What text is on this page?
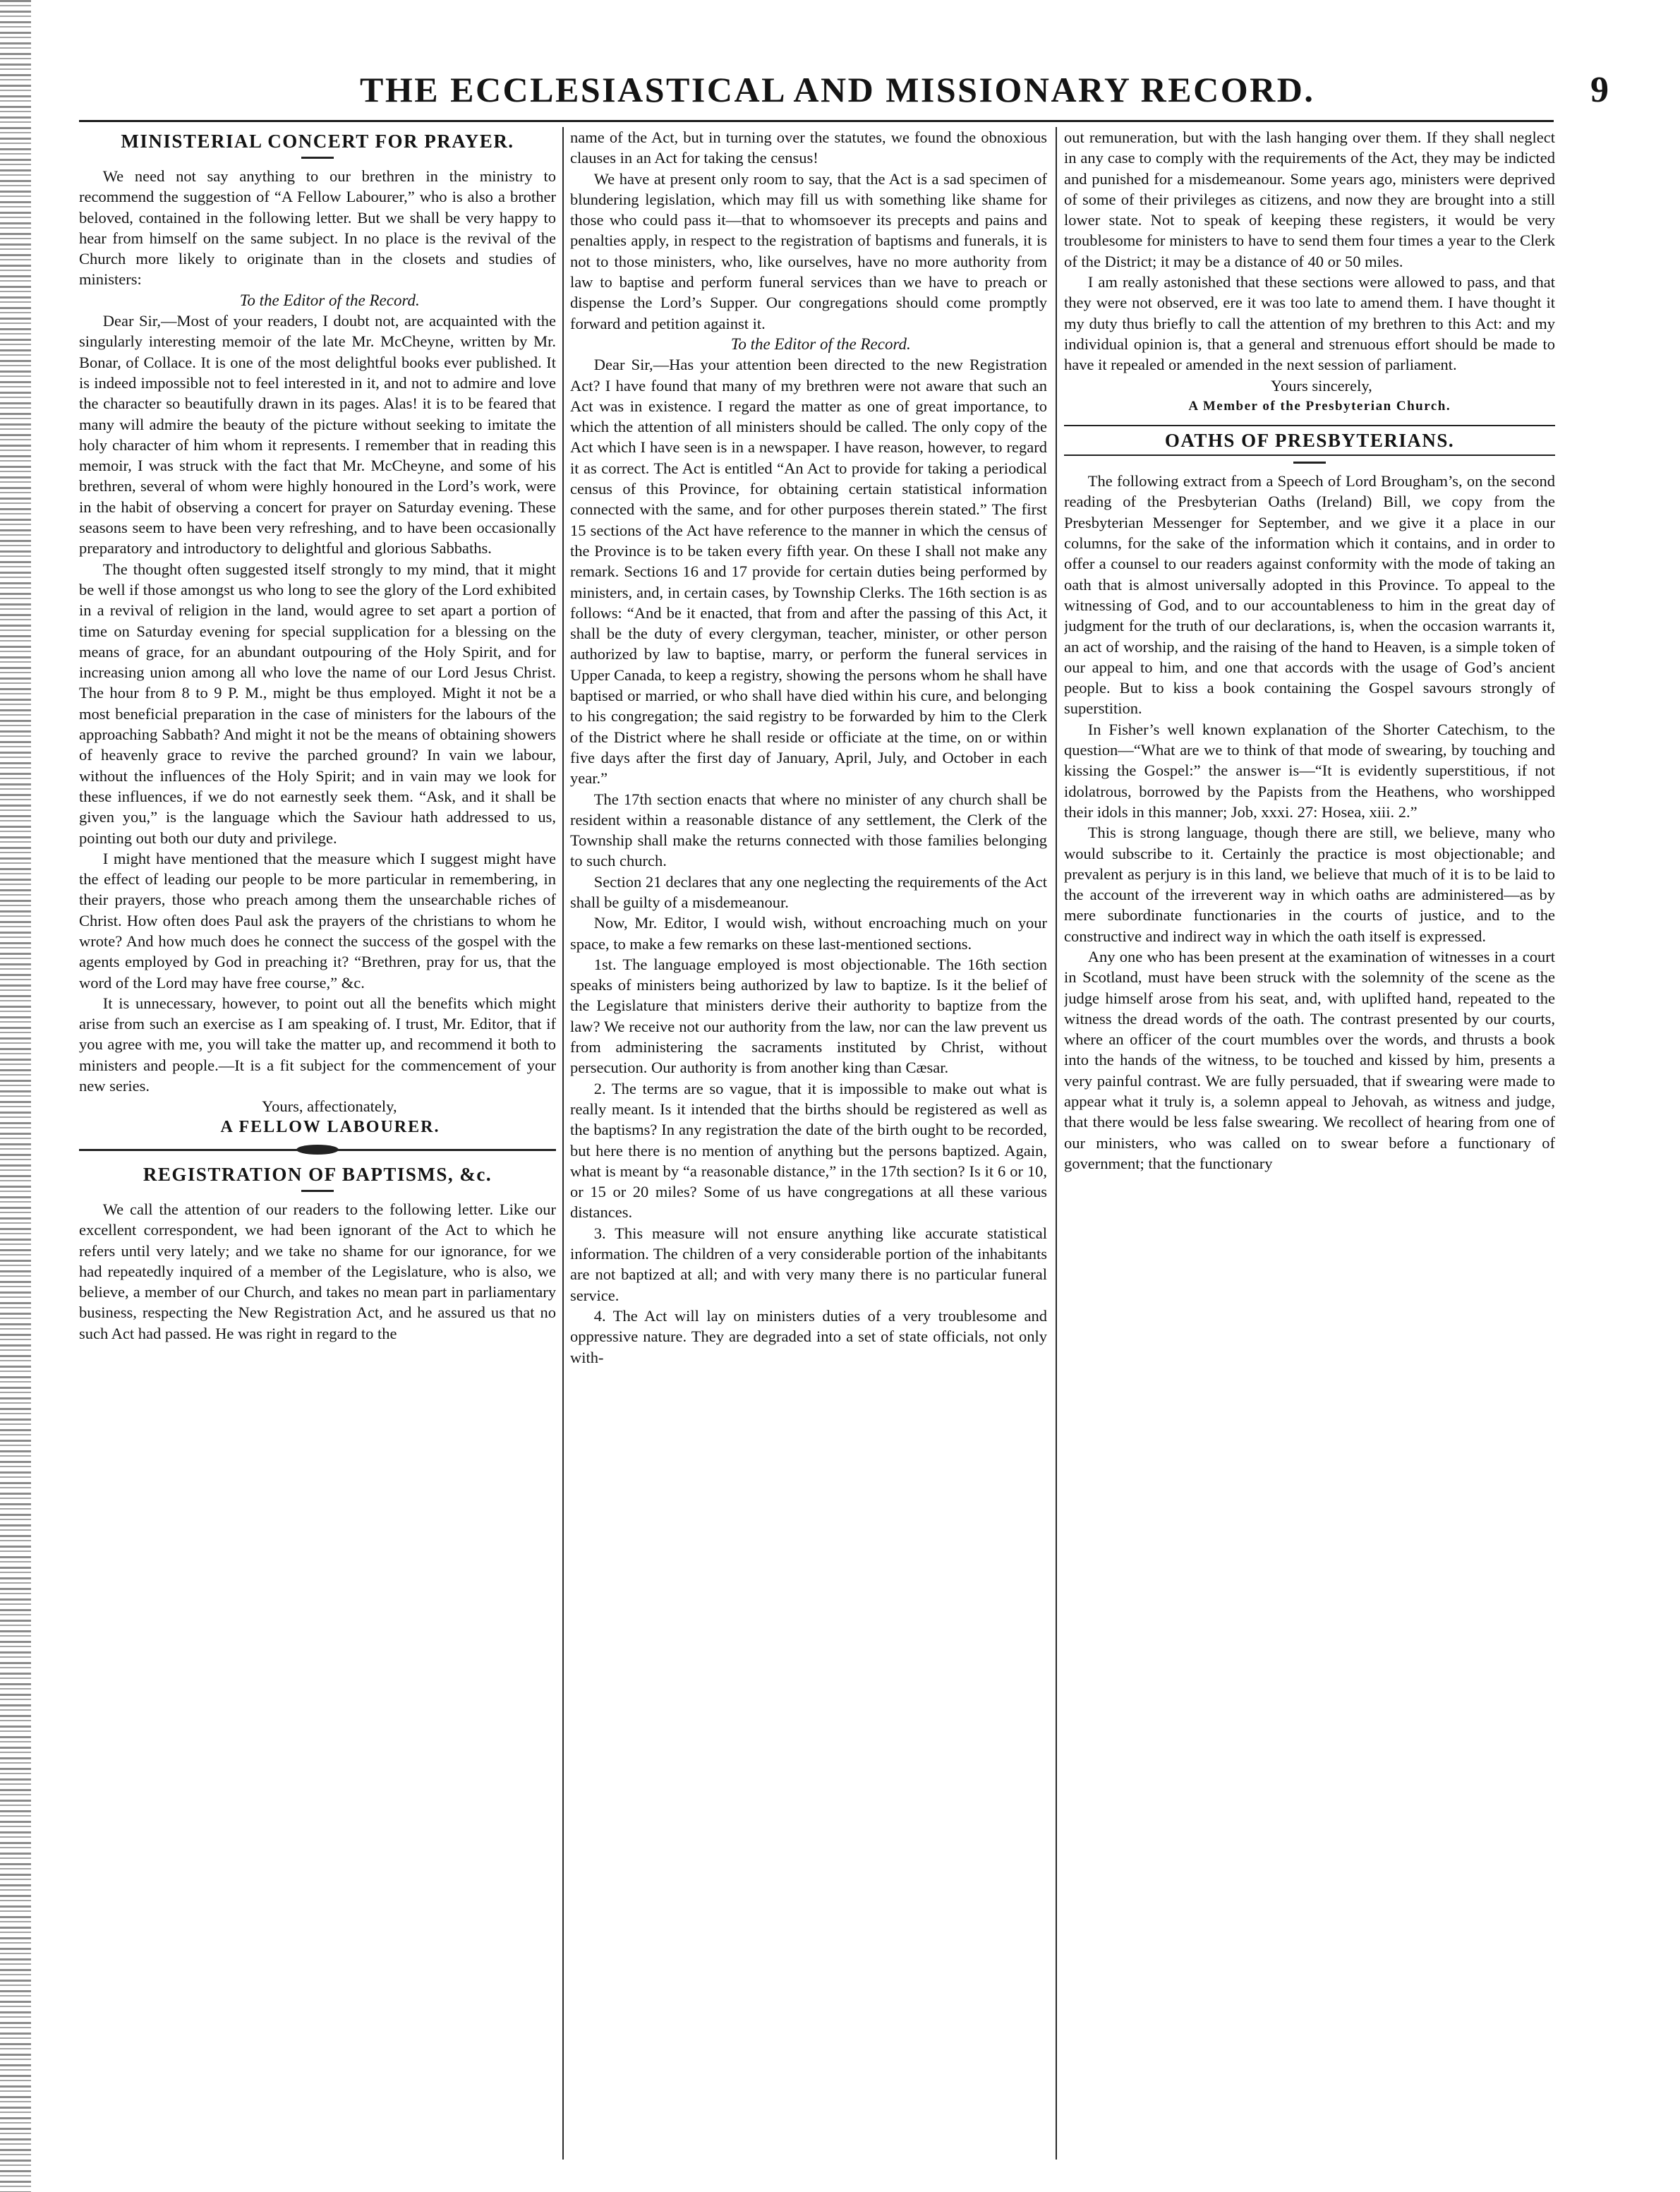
THE ECCLESIASTICAL AND MISSIONARY RECORD.	9
MINISTERIAL CONCERT FOR PRAYER.

We need not say anything to our brethren in the ministry to recommend the suggestion of “A Fellow Labourer,” who is also a brother beloved, contained in the following letter. But we shall be very happy to hear from himself on the same subject. In no place is the revival of the Church more likely to originate than in the closets and studies of ministers:

To the Editor of the Record.

Dear Sir,—Most of your readers, I doubt not, are acquainted with the singularly interesting memoir of the late Mr. McCheyne, written by Mr. Bonar, of Collace. It is one of the most delightful books ever published. It is indeed impossible not to feel interested in it, and not to admire and love the character so beautifully drawn in its pages. Alas! it is to be feared that many will admire the beauty of the picture without seeking to imitate the holy character of him whom it represents. I remember that in reading this memoir, I was struck with the fact that Mr. McCheyne, and some of his brethren, several of whom were highly honoured in the Lord’s work, were in the habit of observing a concert for prayer on Saturday evening. These seasons seem to have been very refreshing, and to have been occasionally preparatory and introductory to delightful and glorious Sabbaths.

The thought often suggested itself strongly to my mind, that it might be well if those amongst us who long to see the glory of the Lord exhibited in a revival of religion in the land, would agree to set apart a portion of time on Saturday evening for special supplication for a blessing on the means of grace, for an abundant outpouring of the Holy Spirit, and for increasing union among all who love the name of our Lord Jesus Christ. The hour from 8 to 9 P. M., might be thus employed. Might it not be a most beneficial preparation in the case of ministers for the labours of the approaching Sabbath? And might it not be the means of obtaining showers of heavenly grace to revive the parched ground? In vain we labour, without the influences of the Holy Spirit; and in vain may we look for these influences, if we do not earnestly seek them. “Ask, and it shall be given you,” is the language which the Saviour hath addressed to us, pointing out both our duty and privilege.

I might have mentioned that the measure which I suggest might have the effect of leading our people to be more particular in remembering, in their prayers, those who preach among them the unsearchable riches of Christ. How often does Paul ask the prayers of the christians to whom he wrote? And how much does he connect the success of the gospel with the agents employed by God in preaching it? “Brethren, pray for us, that the word of the Lord may have free course,” &c.

It is unnecessary, however, to point out all the benefits which might arise from such an exercise as I am speaking of. I trust, Mr. Editor, that if you agree with me, you will take the matter up, and recommend it both to ministers and people.—It is a fit subject for the commencement of your new series.

Yours, affectionately,

A FELLOW LABOURER.

REGISTRATION OF BAPTISMS, &c.

We call the attention of our readers to the following letter. Like our excellent correspondent, we had been ignorant of the Act to which he refers until very lately; and we take no shame for our ignorance, for we had repeatedly inquired of a member of the Legislature, who is also, we believe, a member of our Church, and takes no mean part in parliamentary business, respecting the New Registration Act, and he assured us that no such Act had passed. He was right in regard to the

name of the Act, but in turning over the statutes, we found the obnoxious clauses in an Act for taking the census!

We have at present only room to say, that the Act is a sad specimen of blundering legislation, which may fill us with something like shame for those who could pass it—that to whomsoever its precepts and pains and penalties apply, in respect to the registration of baptisms and funerals, it is not to those ministers, who, like ourselves, have no more authority from law to baptise and perform funeral services than we have to preach or dispense the Lord’s Supper. Our congregations should come promptly forward and petition against it.

To the Editor of the Record.

Dear Sir,—Has your attention been directed to the new Registration Act? I have found that many of my brethren were not aware that such an Act was in existence. I regard the matter as one of great importance, to which the attention of all ministers should be called. The only copy of the Act which I have seen is in a newspaper. I have reason, however, to regard it as correct. The Act is entitled “An Act to provide for taking a periodical census of this Province, for obtaining certain statistical information connected with the same, and for other purposes therein stated.” The first 15 sections of the Act have reference to the manner in which the census of the Province is to be taken every fifth year. On these I shall not make any remark. Sections 16 and 17 provide for certain duties being performed by ministers, and, in certain cases, by Township Clerks. The 16th section is as follows: “And be it enacted, that from and after the passing of this Act, it shall be the duty of every clergyman, teacher, minister, or other person authorized by law to baptise, marry, or perform the funeral services in Upper Canada, to keep a registry, showing the persons whom he shall have baptised or married, or who shall have died within his cure, and belonging to his congregation; the said registry to be forwarded by him to the Clerk of the District where he shall reside or officiate at the time, on or within five days after the first day of January, April, July, and October in each year.”

The 17th section enacts that where no minister of any church shall be resident within a reasonable distance of any settlement, the Clerk of the Township shall make the returns connected with those families belonging to such church.

Section 21 declares that any one neglecting the requirements of the Act shall be guilty of a misdemeanour.

Now, Mr. Editor, I would wish, without encroaching much on your space, to make a few remarks on these last-mentioned sections.

1st. The language employed is most objectionable. The 16th section speaks of ministers being authorized by law to baptize. Is it the belief of the Legislature that ministers derive their authority to baptize from the law? We receive not our authority from the law, nor can the law prevent us from administering the sacraments instituted by Christ, without persecution. Our authority is from another king than Cæsar.

2. The terms are so vague, that it is impossible to make out what is really meant. Is it intended that the births should be registered as well as the baptisms? In any registration the date of the birth ought to be recorded, but here there is no mention of anything but the persons baptized. Again, what is meant by “a reasonable distance,” in the 17th section? Is it 6 or 10, or 15 or 20 miles? Some of us have congregations at all these various distances.

3. This measure will not ensure anything like accurate statistical information. The children of a very considerable portion of the inhabitants are not baptized at all; and with very many there is no particular funeral service.

4. The Act will lay on ministers duties of a very troublesome and oppressive nature. They are degraded into a set of state officials, not only with-

out remuneration, but with the lash hanging over them. If they shall neglect in any case to comply with the requirements of the Act, they may be indicted and punished for a misdemeanour. Some years ago, ministers were deprived of some of their privileges as citizens, and now they are brought into a still lower state. Not to speak of keeping these registers, it would be very troublesome for ministers to have to send them four times a year to the Clerk of the District; it may be a distance of 40 or 50 miles.

I am really astonished that these sections were allowed to pass, and that they were not observed, ere it was too late to amend them. I have thought it my duty thus briefly to call the attention of my brethren to this Act: and my individual opinion is, that a general and strenuous effort should be made to have it repealed or amended in the next session of parliament.

Yours sincerely,

A Member of the Presbyterian Church.

OATHS OF PRESBYTERIANS.

The following extract from a Speech of Lord Brougham’s, on the second reading of the Presbyterian Oaths (Ireland) Bill, we copy from the Presbyterian Messenger for September, and we give it a place in our columns, for the sake of the information which it contains, and in order to offer a counsel to our readers against conformity with the mode of taking an oath that is almost universally adopted in this Province. To appeal to the witnessing of God, and to our accountableness to him in the great day of judgment for the truth of our declarations, is, when the occasion warrants it, an act of worship, and the raising of the hand to Heaven, is a simple token of our appeal to him, and one that accords with the usage of God’s ancient people. But to kiss a book containing the Gospel savours strongly of superstition.

In Fisher’s well known explanation of the Shorter Catechism, to the question—“What are we to think of that mode of swearing, by touching and kissing the Gospel:” the answer is—“It is evidently superstitious, if not idolatrous, borrowed by the Papists from the Heathens, who worshipped their idols in this manner; Job, xxxi. 27: Hosea, xiii. 2.”

This is strong language, though there are still, we believe, many who would subscribe to it. Certainly the practice is most objectionable; and prevalent as perjury is in this land, we believe that much of it is to be laid to the account of the irreverent way in which oaths are administered—as by mere subordinate functionaries in the courts of justice, and to the constructive and indirect way in which the oath itself is expressed.

Any one who has been present at the examination of witnesses in a court in Scotland, must have been struck with the solemnity of the scene as the judge himself arose from his seat, and, with uplifted hand, repeated to the witness the dread words of the oath. The contrast presented by our courts, where an officer of the court mumbles over the words, and thrusts a book into the hands of the witness, to be touched and kissed by him, presents a very painful contrast. We are fully persuaded, that if swearing were made to appear what it truly is, a solemn appeal to Jehovah, as witness and judge, that there would be less false swearing. We recollect of hearing from one of our ministers, who was called on to swear before a functionary of government; that the functionary
